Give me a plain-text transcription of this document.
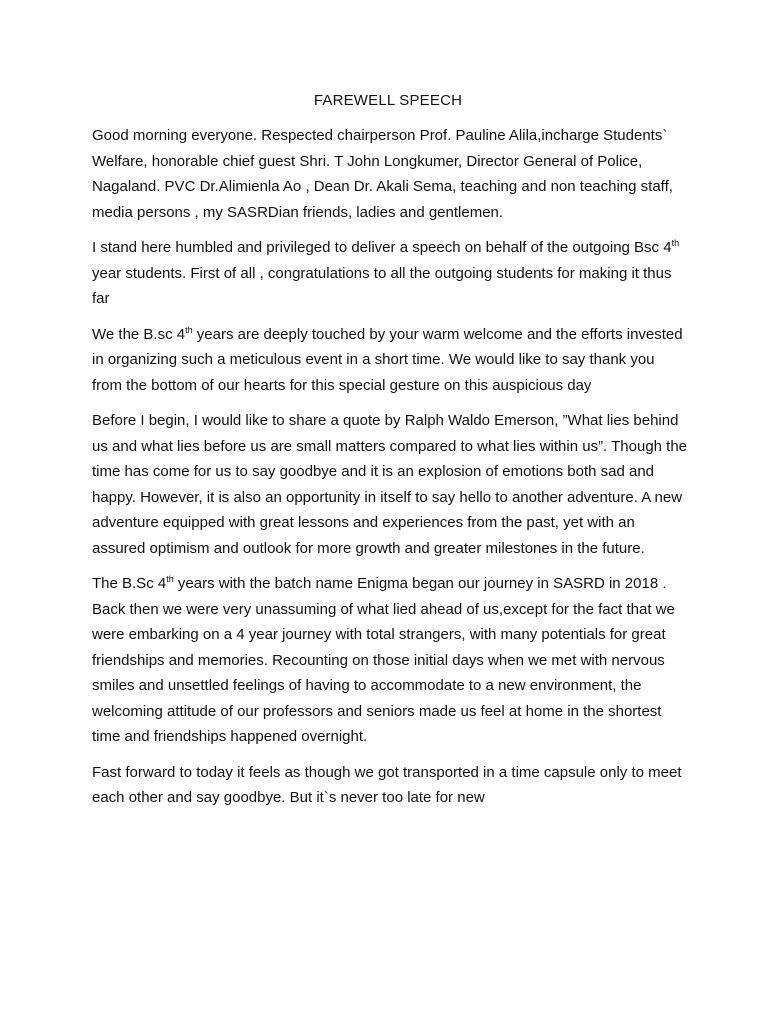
FAREWELL SPEECH

Good morning everyone. Respected chairperson Prof. Pauline Alila,incharge Students` Welfare, honorable chief guest Shri. T John Longkumer, Director General of Police, Nagaland. PVC Dr.Alimienla Ao , Dean Dr. Akali Sema, teaching and non teaching staff, media persons , my SASRDian friends, ladies and gentlemen.

I stand here humbled and privileged to deliver a speech on behalf of the outgoing Bsc 4th year students. First of all , congratulations to all the outgoing students for making it thus far

We the B.sc 4th years are deeply touched by your warm welcome and the efforts invested in organizing such a meticulous event in a short time. We would like to say thank you from the bottom of our hearts for this special gesture on this auspicious day

Before I begin, I would like to share a quote by Ralph Waldo Emerson, ”What lies behind us and what lies before us are small matters compared to what lies within us”. Though the time has come for us to say goodbye and it is an explosion of emotions both sad and happy. However, it is also an opportunity in itself to say hello to another adventure. A new adventure equipped with great lessons and experiences from the past, yet with an assured optimism and outlook for more growth and greater milestones in the future.

The B.Sc 4th years with the batch name Enigma began our journey in SASRD in 2018 . Back then we were very unassuming of what lied ahead of us,except for the fact that we were embarking on a 4 year journey with total strangers, with many potentials for great friendships and memories. Recounting on those initial days when we met with nervous smiles and unsettled feelings of having to accommodate to a new environment, the welcoming attitude of our professors and seniors made us feel at home in the shortest time and friendships happened overnight.

Fast forward to today it feels as though we got transported in a time capsule only to meet each other and say goodbye. But it`s never too late for new
